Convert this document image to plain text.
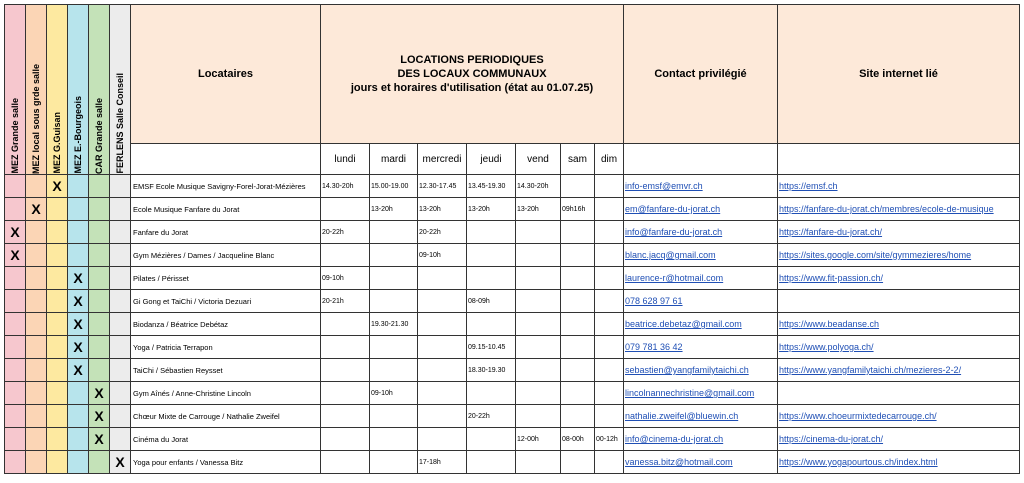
MEZ Grande salle	MEZ local sous grde salle	MEZ G.Guisan	MEZ E.-Bourgeois	CAR Grande salle	FERLENS Salle Conseil	Locataires	LOCATIONS PERIODIQUES
DES LOCAUX COMMUNAUX
jours et horaires d'utilisation (état au 01.07.25)							Contact privilégié	Site internet lié
							lundi	mardi	mercredi	jeudi	vend	sam	dim		
		X				EMSF Ecole Musique Savigny-Forel-Jorat-Mézières	14.30-20h	15.00-19.00	12.30-17.45	13.45-19.30	14.30-20h			info-emsf@emvr.ch	https://emsf.ch
	X					Ecole Musique Fanfare du Jorat		13-20h	13-20h	13-20h	13-20h	09h16h		em@fanfare-du-jorat.ch	https://fanfare-du-jorat.ch/membres/ecole-de-musique
X						Fanfare du Jorat	20-22h		20-22h					info@fanfare-du-jorat.ch	https://fanfare-du-jorat.ch/
X						Gym Mézières / Dames / Jacqueline Blanc			09-10h					blanc.jacq@gmail.com	https://sites.google.com/site/gymmezieres/home
			X			Pilates / Périsset	09-10h							laurence-r@hotmail.com	https://www.fit-passion.ch/
			X			Gi Gong et TaiChi / Victoria Dezuari	20-21h			08-09h				078 628 97 61	
			X			Biodanza / Béatrice Debétaz		19.30-21.30						beatrice.debetaz@gmail.com	https://www.beadanse.ch
			X			Yoga / Patricia Terrapon				09.15-10.45				079 781 36 42	https://www.polyoga.ch/
			X			TaiChi / Sébastien Reysset				18.30-19.30				sebastien@yangfamilytaichi.ch	https://www.yangfamilytaichi.ch/mezieres-2-2/
				X		Gym Aînés / Anne-Christine Lincoln		09-10h						lincolnannechristine@gmail.com	
				X		Chœur Mixte de Carrouge / Nathalie Zweifel				20-22h				nathalie.zweifel@bluewin.ch	https://www.choeurmixtedecarrouge.ch/
				X		Cinéma du Jorat					12-00h	08-00h	00-12h	info@cinema-du-jorat.ch	https://cinema-du-jorat.ch/
					X	Yoga pour enfants / Vanessa Bitz			17-18h					vanessa.bitz@hotmail.com	https://www.yogapourtous.ch/index.html
